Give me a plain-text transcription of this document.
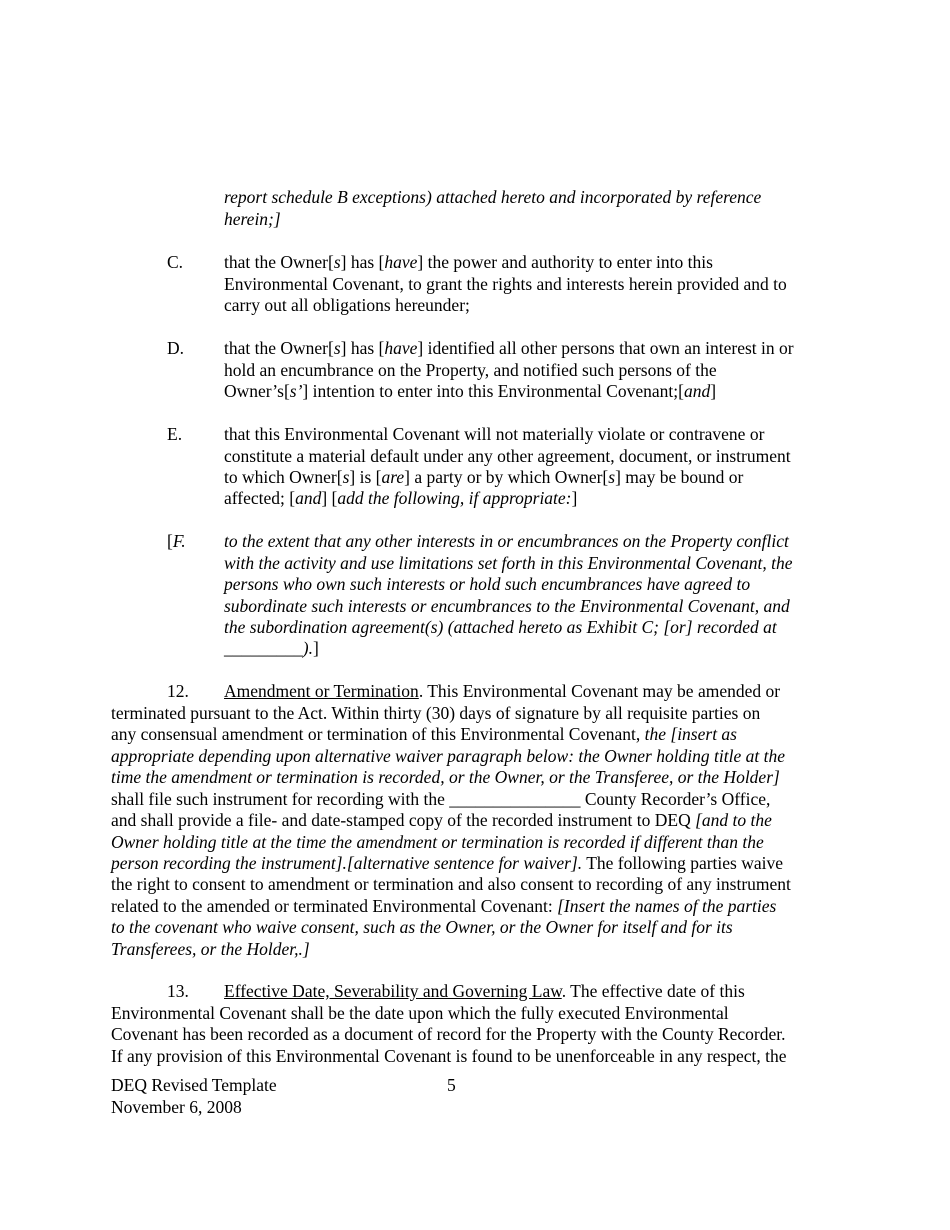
report schedule B exceptions) attached hereto and incorporated by reference
herein;]
C. that the Owner[s] has [have] the power and authority to enter into this
Environmental Covenant, to grant the rights and interests herein provided and to
carry out all obligations hereunder;
D. that the Owner[s] has [have] identified all other persons that own an interest in or
hold an encumbrance on the Property, and notified such persons of the
Owner’s[s’] intention to enter into this Environmental Covenant;[and]
E. that this Environmental Covenant will not materially violate or contravene or
constitute a material default under any other agreement, document, or instrument
to which Owner[s] is [are] a party or by which Owner[s] may be bound or
affected; [and] [add the following, if appropriate:]
[F. to the extent that any other interests in or encumbrances on the Property conflict
with the activity and use limitations set forth in this Environmental Covenant, the
persons who own such interests or hold such encumbrances have agreed to
subordinate such interests or encumbrances to the Environmental Covenant, and
the subordination agreement(s) (attached hereto as Exhibit C; [or] recorded at
_________).]
12. Amendment or Termination. This Environmental Covenant may be amended or
terminated pursuant to the Act. Within thirty (30) days of signature by all requisite parties on
any consensual amendment or termination of this Environmental Covenant, the [insert as
appropriate depending upon alternative waiver paragraph below: the Owner holding title at the
time the amendment or termination is recorded, or the Owner, or the Transferee, or the Holder]
shall file such instrument for recording with the _______________ County Recorder’s Office,
and shall provide a file- and date-stamped copy of the recorded instrument to DEQ [and to the
Owner holding title at the time the amendment or termination is recorded if different than the
person recording the instrument].[alternative sentence for waiver]. The following parties waive
the right to consent to amendment or termination and also consent to recording of any instrument
related to the amended or terminated Environmental Covenant: [Insert the names of the parties
to the covenant who waive consent, such as the Owner, or the Owner for itself and for its
Transferees, or the Holder,.]
13. Effective Date, Severability and Governing Law. The effective date of this
Environmental Covenant shall be the date upon which the fully executed Environmental
Covenant has been recorded as a document of record for the Property with the County Recorder.
If any provision of this Environmental Covenant is found to be unenforceable in any respect, the
DEQ Revised Template
November 6, 2008
5
